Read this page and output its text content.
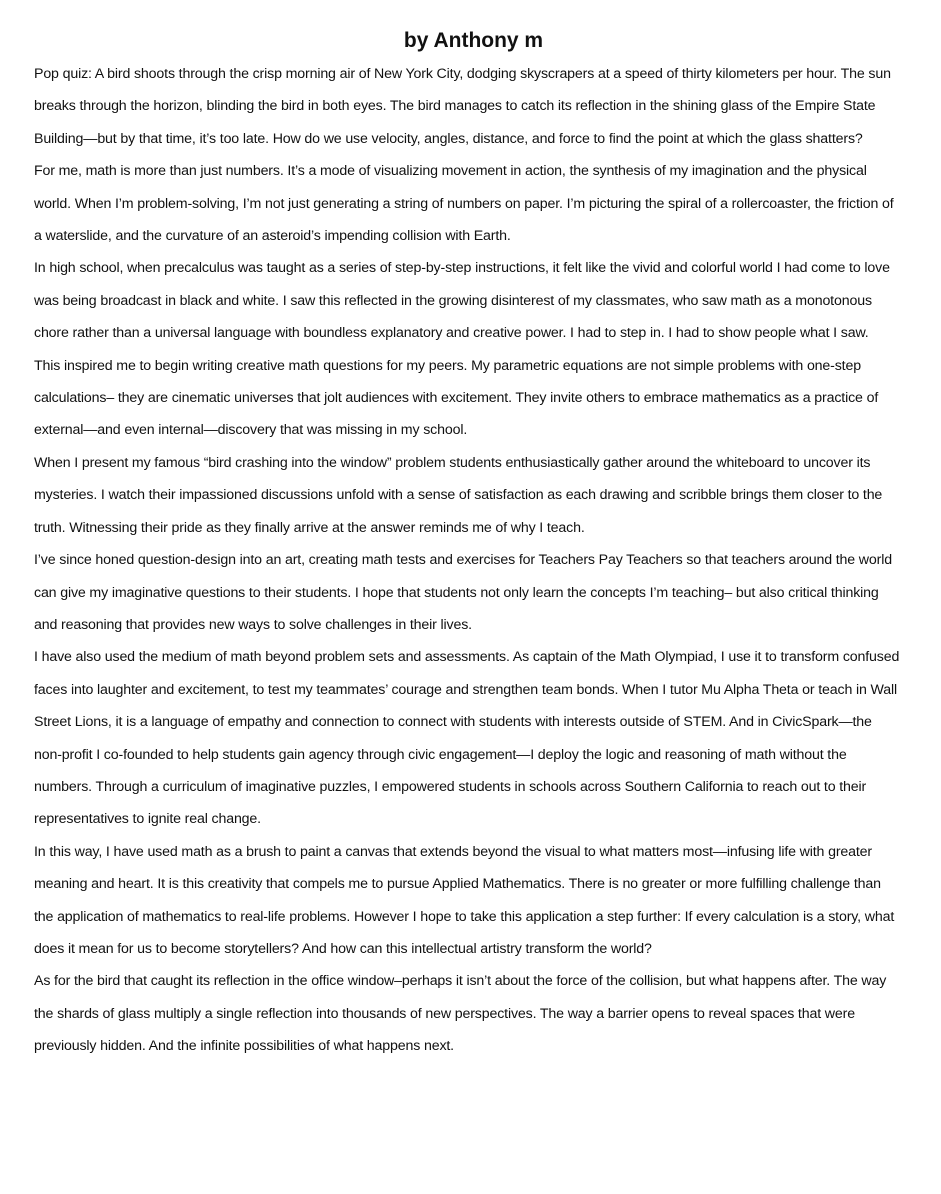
by Anthony m

Pop quiz: A bird shoots through the crisp morning air of New York City, dodging skyscrapers at a speed of thirty kilometers per hour. The sun breaks through the horizon, blinding the bird in both eyes. The bird manages to catch its reflection in the shining glass of the Empire State Building—but by that time, it’s too late. How do we use velocity, angles, distance, and force to find the point at which the glass shatters?

For me, math is more than just numbers. It’s a mode of visualizing movement in action, the synthesis of my imagination and the physical world. When I’m problem-solving, I’m not just generating a string of numbers on paper. I’m picturing the spiral of a rollercoaster, the friction of a waterslide, and the curvature of an asteroid’s impending collision with Earth.

In high school, when precalculus was taught as a series of step-by-step instructions, it felt like the vivid and colorful world I had come to love was being broadcast in black and white. I saw this reflected in the growing disinterest of my classmates, who saw math as a monotonous chore rather than a universal language with boundless explanatory and creative power. I had to step in. I had to show people what I saw.

This inspired me to begin writing creative math questions for my peers. My parametric equations are not simple problems with one-step calculations– they are cinematic universes that jolt audiences with excitement. They invite others to embrace mathematics as a practice of external—and even internal—discovery that was missing in my school.

When I present my famous “bird crashing into the window” problem students enthusiastically gather around the whiteboard to uncover its mysteries. I watch their impassioned discussions unfold with a sense of satisfaction as each drawing and scribble brings them closer to the truth. Witnessing their pride as they finally arrive at the answer reminds me of why I teach.

I’ve since honed question-design into an art, creating math tests and exercises for Teachers Pay Teachers so that teachers around the world can give my imaginative questions to their students. I hope that students not only learn the concepts I’m teaching– but also critical thinking and reasoning that provides new ways to solve challenges in their lives.

I have also used the medium of math beyond problem sets and assessments. As captain of the Math Olympiad, I use it to transform confused faces into laughter and excitement, to test my teammates’ courage and strengthen team bonds. When I tutor Mu Alpha Theta or teach in Wall Street Lions, it is a language of empathy and connection to connect with students with interests outside of STEM. And in CivicSpark—the non-profit I co-founded to help students gain agency through civic engagement—I deploy the logic and reasoning of math without the numbers. Through a curriculum of imaginative puzzles, I empowered students in schools across Southern California to reach out to their representatives to ignite real change.

In this way, I have used math as a brush to paint a canvas that extends beyond the visual to what matters most—infusing life with greater meaning and heart. It is this creativity that compels me to pursue Applied Mathematics. There is no greater or more fulfilling challenge than the application of mathematics to real-life problems. However I hope to take this application a step further: If every calculation is a story, what does it mean for us to become storytellers? And how can this intellectual artistry transform the world?

As for the bird that caught its reflection in the office window–perhaps it isn’t about the force of the collision, but what happens after. The way the shards of glass multiply a single reflection into thousands of new perspectives. The way a barrier opens to reveal spaces that were previously hidden. And the infinite possibilities of what happens next.
